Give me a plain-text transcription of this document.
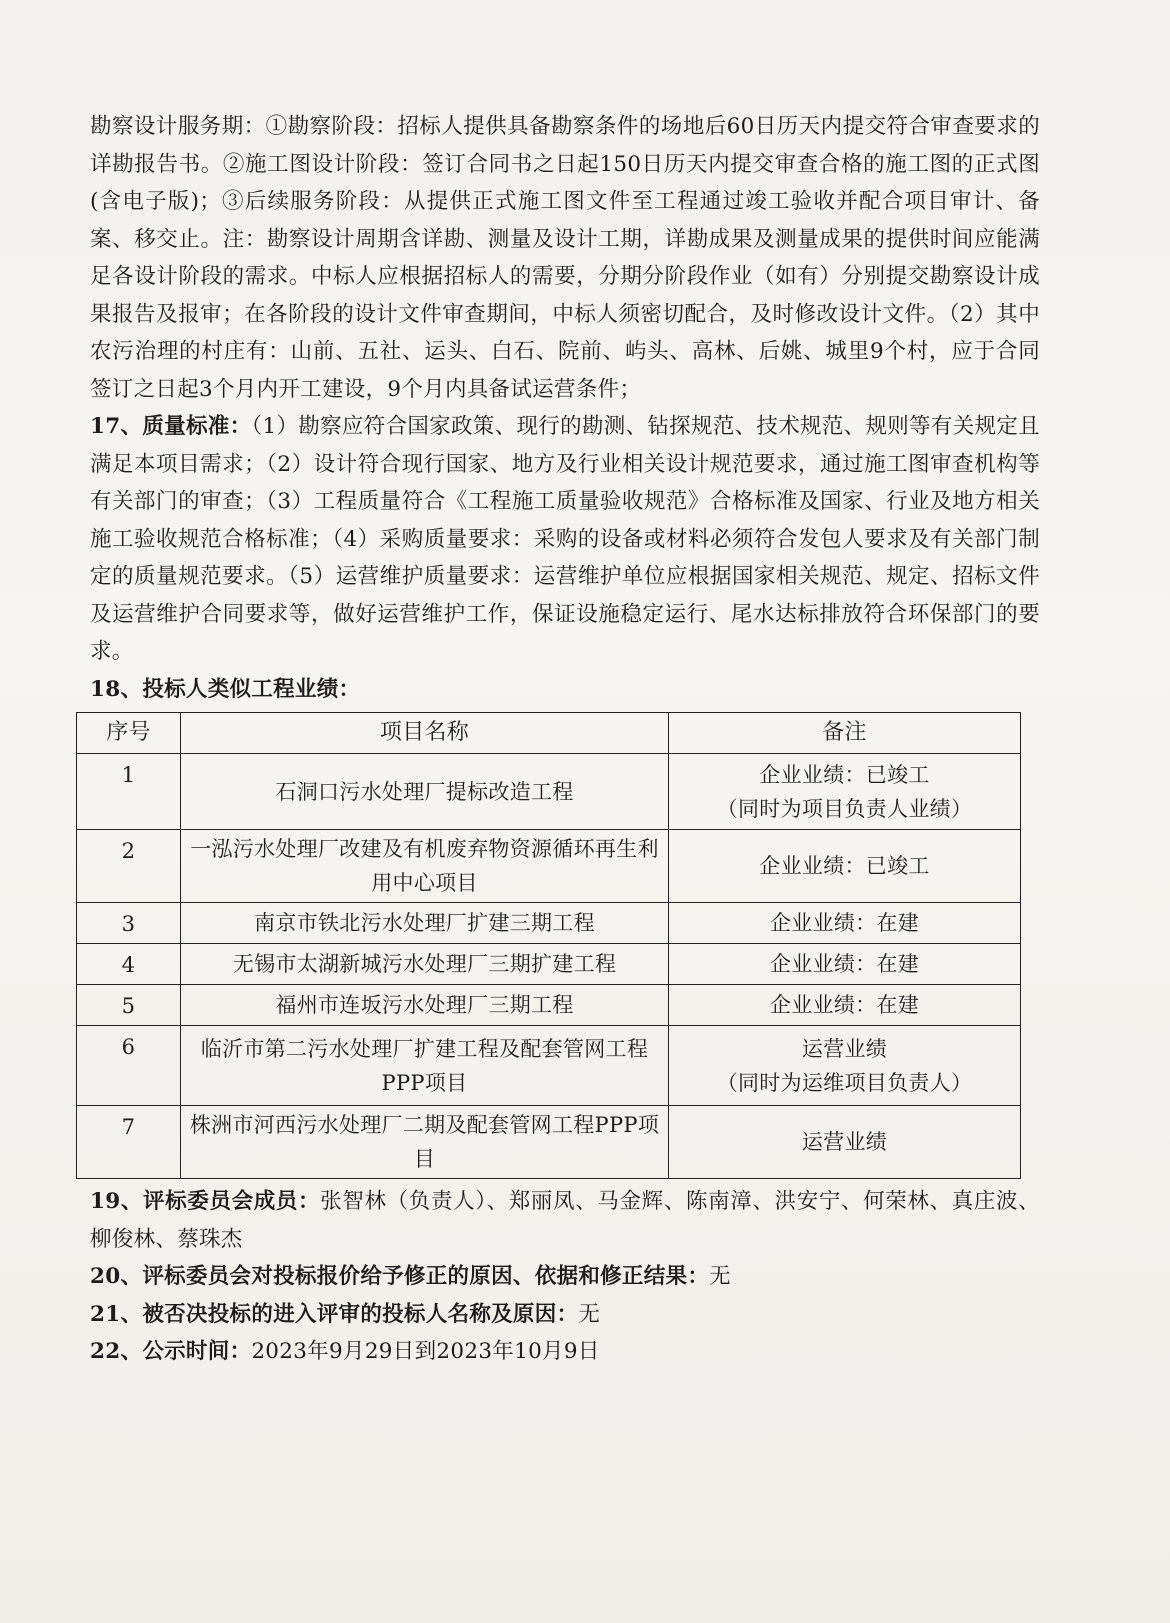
勘察设计服务期：①勘察阶段：招标人提供具备勘察条件的场地后60日历天内提交符合审查要求的详勘报告书。②施工图设计阶段：签订合同书之日起150日历天内提交审查合格的施工图的正式图(含电子版)；③后续服务阶段：从提供正式施工图文件至工程通过竣工验收并配合项目审计、备案、移交止。注：勘察设计周期含详勘、测量及设计工期，详勘成果及测量成果的提供时间应能满足各设计阶段的需求。中标人应根据招标人的需要，分期分阶段作业（如有）分别提交勘察设计成果报告及报审；在各阶段的设计文件审查期间，中标人须密切配合，及时修改设计文件。（2）其中农污治理的村庄有：山前、五社、运头、白石、院前、屿头、高林、后姚、城里9个村，应于合同签订之日起3个月内开工建设，9个月内具备试运营条件；

17、质量标准：（1）勘察应符合国家政策、现行的勘测、钻探规范、技术规范、规则等有关规定且满足本项目需求；（2）设计符合现行国家、地方及行业相关设计规范要求，通过施工图审查机构等有关部门的审查；（3）工程质量符合《工程施工质量验收规范》合格标准及国家、行业及地方相关施工验收规范合格标准；（4）采购质量要求：采购的设备或材料必须符合发包人要求及有关部门制定的质量规范要求。（5）运营维护质量要求：运营维护单位应根据国家相关规范、规定、招标文件及运营维护合同要求等，做好运营维护工作，保证设施稳定运行、尾水达标排放符合环保部门的要求。

18、投标人类似工程业绩：

序号	项目名称	备注
1	石洞口污水处理厂提标改造工程	企业业绩：已竣工
（同时为项目负责人业绩）
2	一泓污水处理厂改建及有机废弃物资源循环再生利用中心项目	企业业绩：已竣工
3	南京市铁北污水处理厂扩建三期工程	企业业绩：在建
4	无锡市太湖新城污水处理厂三期扩建工程	企业业绩：在建
5	福州市连坂污水处理厂三期工程	企业业绩：在建
6	临沂市第二污水处理厂扩建工程及配套管网工程PPP项目	运营业绩
（同时为运维项目负责人）
7	株洲市河西污水处理厂二期及配套管网工程PPP项目	运营业绩

19、评标委员会成员：张智林（负责人）、郑丽凤、马金辉、陈南漳、洪安宁、何荣林、真庄波、柳俊林、蔡珠杰

20、评标委员会对投标报价给予修正的原因、依据和修正结果：无

21、被否决投标的进入评审的投标人名称及原因：无

22、公示时间：2023年9月29日到2023年10月9日
